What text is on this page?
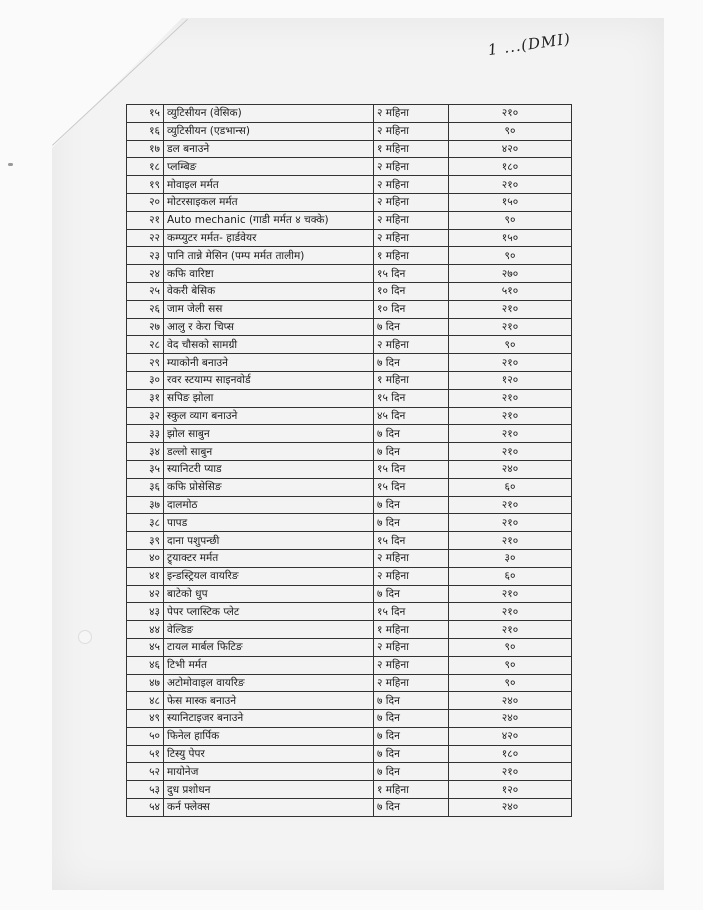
1 ...(DMI)
१५	व्युटिसीयन (वेसिक)	२ महिना	२१०
१६	व्युटिसीयन (एडभान्स)	२ महिना	९०
१७	डल बनाउने	१ महिना	४२०
१८	प्लम्बिङ	२ महिना	१८०
१९	मोवाइल मर्मत	२ महिना	२१०
२०	मोटरसाइकल मर्मत	२ महिना	१५०
२१	Auto mechanic (गाडी मर्मत ४ चक्के)	२ महिना	९०
२२	कम्प्युटर मर्मत- हार्डवेयर	२ महिना	१५०
२३	पानि तान्ने मेसिन (पम्प मर्मत तालीम)	१ महिना	९०
२४	कफि वारिष्टा	१५ दिन	२७०
२५	वेकरी बेसिक	१० दिन	५१०
२६	जाम जेली सस	१० दिन	२१०
२७	आलु र केरा चिप्स	७ दिन	२१०
२८	वेद चौसको सामग्री	२ महिना	९०
२९	म्याकोनी बनाउने	७ दिन	२१०
३०	रवर स्टयाम्प साइनवोर्ड	१ महिना	१२०
३१	सपिङ झोला	१५ दिन	२१०
३२	स्कुल व्याग बनाउने	४५ दिन	२१०
३३	झोल साबुन	७ दिन	२१०
३४	डल्लो साबुन	७ दिन	२१०
३५	स्यानिटरी प्याड	१५ दिन	२४०
३६	कफि प्रोसेसिङ	१५ दिन	६०
३७	दालमोठ	७ दिन	२१०
३८	पापड	७ दिन	२१०
३९	दाना पशुपन्छी	१५ दिन	२१०
४०	ट्र्याक्टर मर्मत	२ महिना	३०
४१	इन्डस्ट्रियल वायरिङ	२ महिना	६०
४२	बाटेको धुप	७ दिन	२१०
४३	पेपर प्लास्टिक प्लेट	१५ दिन	२१०
४४	वेल्डिङ	१ महिना	२१०
४५	टायल मार्बल फिटिङ	२ महिना	९०
४६	टिभी मर्मत	२ महिना	९०
४७	अटोमोवाइल वायरिङ	२ महिना	९०
४८	फेस मास्क बनाउने	७ दिन	२४०
४९	स्यानिटाइजर बनाउने	७ दिन	२४०
५०	फिनेल हार्पिक	७ दिन	४२०
५१	टिस्यु पेपर	७ दिन	१८०
५२	मायोनेज	७ दिन	२१०
५३	दुध प्रशोधन	१ महिना	१२०
५४	कर्न फ्लेक्स	७ दिन	२४०
